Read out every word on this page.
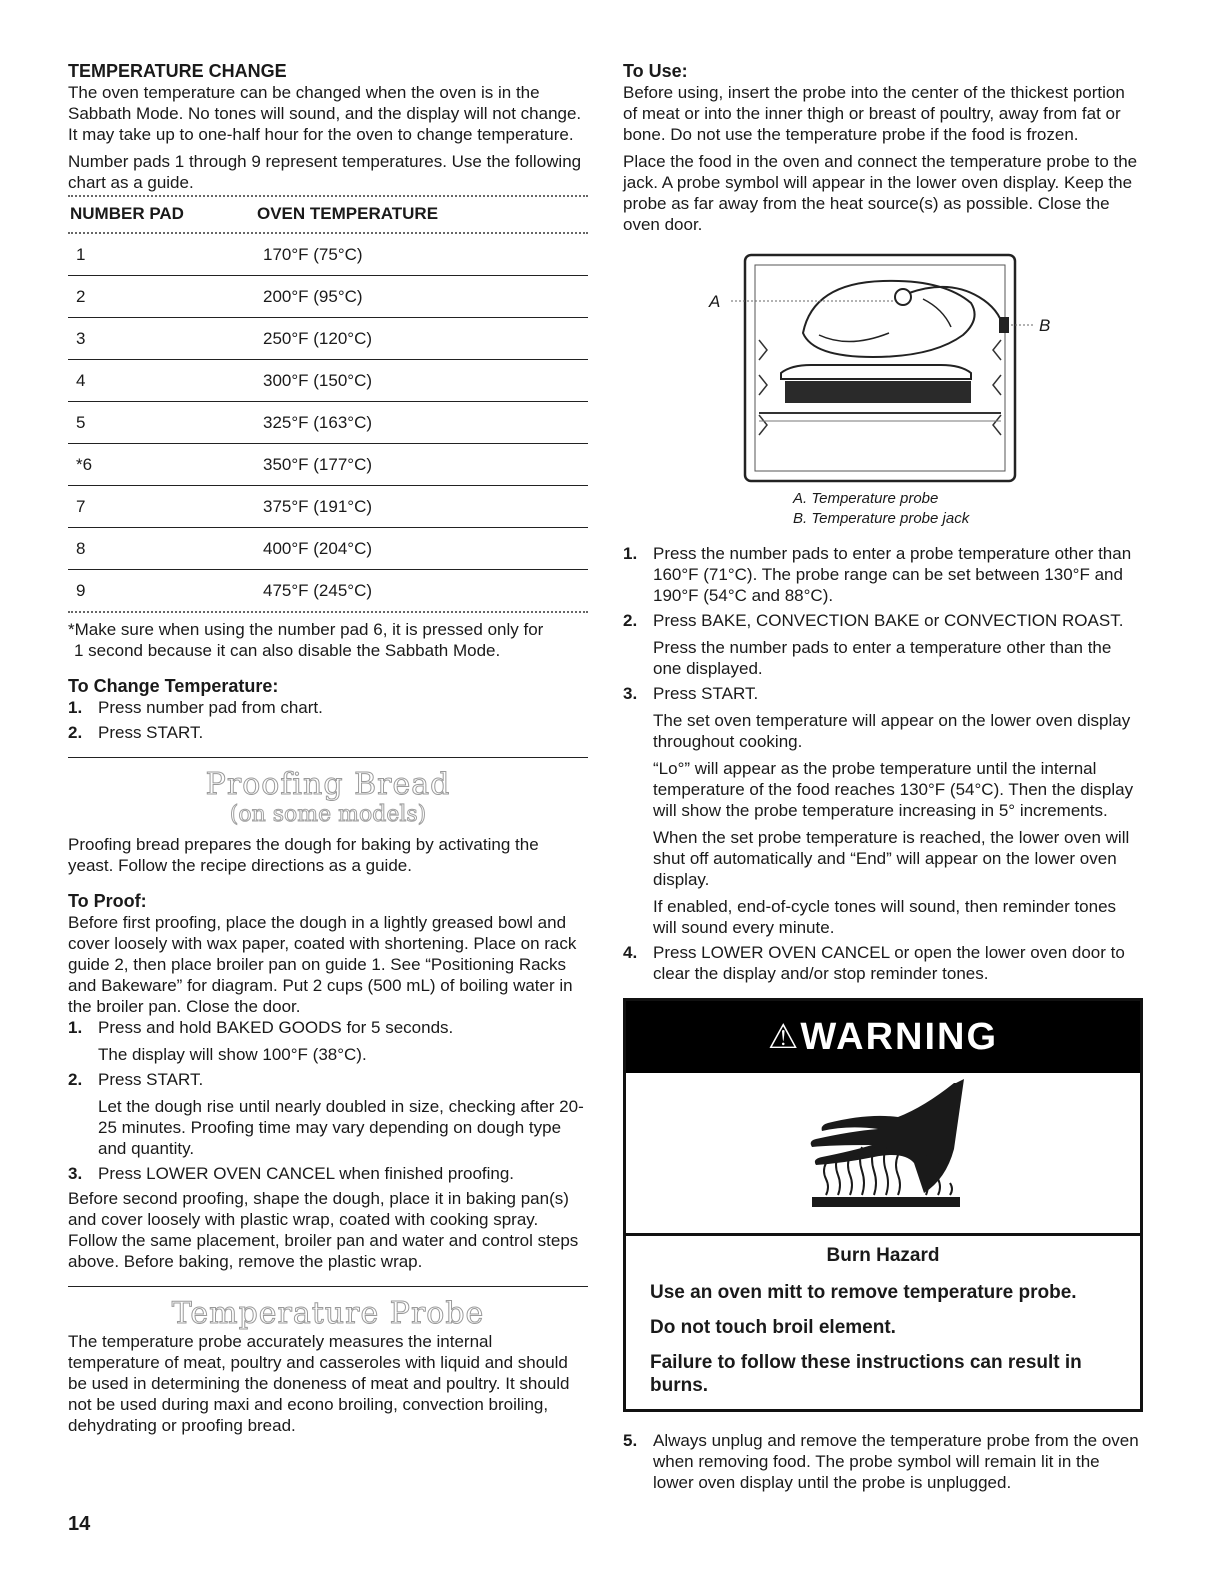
TEMPERATURE CHANGE

The oven temperature can be changed when the oven is in the Sabbath Mode. No tones will sound, and the display will not change. It may take up to one-half hour for the oven to change temperature.

Number pads 1 through 9 represent temperatures. Use the following chart as a guide.

NUMBER PAD	OVEN TEMPERATURE
1	170°F (75°C)
2	200°F (95°C)
3	250°F (120°C)
4	300°F (150°C)
5	325°F (163°C)
*6	350°F (177°C)
7	375°F (191°C)
8	400°F (204°C)
9	475°F (245°C)
*Make sure when using the number pad 6, it is pressed only for
1 second because it can also disable the Sabbath Mode.
To Change Temperature:
1. Press number pad from chart.
2. Press START.
Proofing Bread
(on some models)

Proofing bread prepares the dough for baking by activating the yeast. Follow the recipe directions as a guide.

To Proof:

Before first proofing, place the dough in a lightly greased bowl and cover loosely with wax paper, coated with shortening. Place on rack guide 2, then place broiler pan on guide 1. See “Positioning Racks and Bakeware” for diagram. Put 2 cups (500 mL) of boiling water in the broiler pan. Close the door.

1. Press and hold BAKED GOODS for 5 seconds.
The display will show 100°F (38°C).
2. Press START.
Let the dough rise until nearly doubled in size, checking after 20-25 minutes. Proofing time may vary depending on dough type and quantity.
3. Press LOWER OVEN CANCEL when finished proofing.

Before second proofing, shape the dough, place it in baking pan(s) and cover loosely with plastic wrap, coated with cooking spray. Follow the same placement, broiler pan and water and control steps above. Before baking, remove the plastic wrap.

Temperature Probe

The temperature probe accurately measures the internal temperature of meat, poultry and casseroles with liquid and should be used in determining the doneness of meat and poultry. It should not be used during maxi and econo broiling, convection broiling, dehydrating or proofing bread.

To Use:

Before using, insert the probe into the center of the thickest portion of meat or into the inner thigh or breast of poultry, away from fat or bone. Do not use the temperature probe if the food is frozen.

Place the food in the oven and connect the temperature probe to the jack. A probe symbol will appear in the lower oven display. Keep the probe as far away from the heat source(s) as possible. Close the oven door.

A
B
A. Temperature probe
B. Temperature probe jack
1. Press the number pads to enter a probe temperature other than 160°F (71°C). The probe range can be set between 130°F and 190°F (54°C and 88°C).
2. Press BAKE, CONVECTION BAKE or CONVECTION ROAST.
Press the number pads to enter a temperature other than the one displayed.
3. Press START.
The set oven temperature will appear on the lower oven display throughout cooking.
“Lo°” will appear as the probe temperature until the internal temperature of the food reaches 130°F (54°C). Then the display will show the probe temperature increasing in 5° increments.
When the set probe temperature is reached, the lower oven will shut off automatically and “End” will appear on the lower oven display.
If enabled, end-of-cycle tones will sound, then reminder tones will sound every minute.
4. Press LOWER OVEN CANCEL or open the lower oven door to clear the display and/or stop reminder tones.
⚠WARNING
Burn Hazard

Use an oven mitt to remove temperature probe.

Do not touch broil element.

Failure to follow these instructions can result in burns.

5. Always unplug and remove the temperature probe from the oven when removing food. The probe symbol will remain lit in the lower oven display until the probe is unplugged.
14
